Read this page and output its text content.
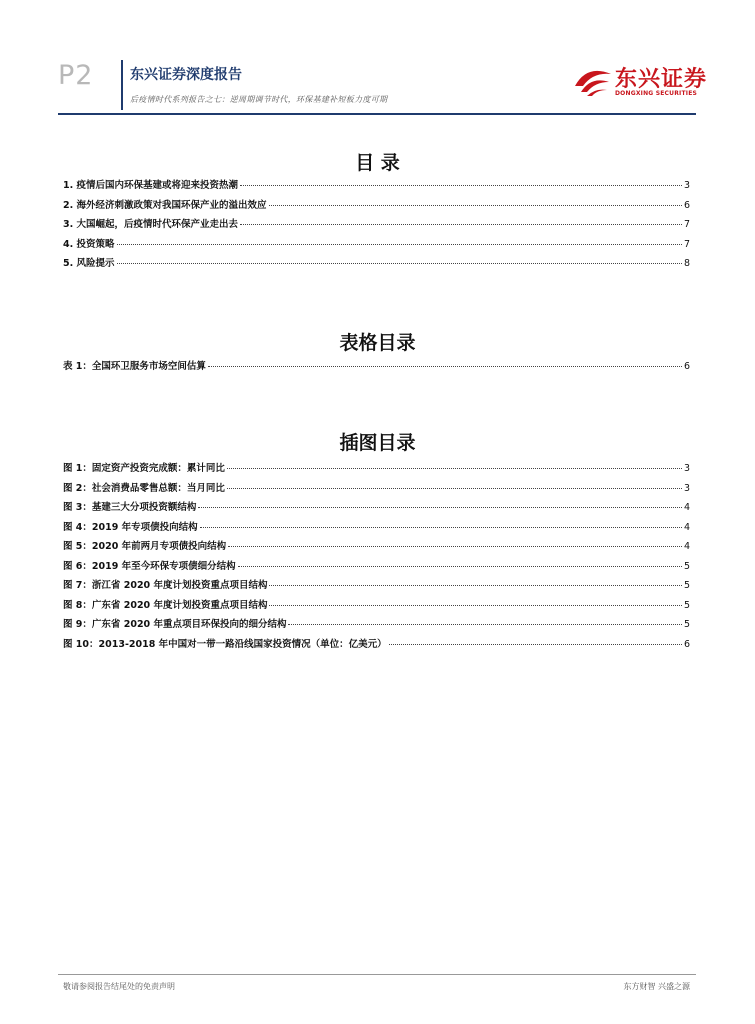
P2	东兴证券深度报告
后疫情时代系列报告之七：逆周期调节时代，环保基建补短板力度可期
东兴证券
DONGXING SECURITIES
目 录
1. 疫情后国内环保基建或将迎来投资热潮	3
2. 海外经济刺激政策对我国环保产业的溢出效应	6
3. 大国崛起，后疫情时代环保产业走出去	7
4. 投资策略	7
5. 风险提示	8
表格目录
表 1：全国环卫服务市场空间估算	6
插图目录
图 1：固定资产投资完成额：累计同比	3
图 2：社会消费品零售总额：当月同比	3
图 3：基建三大分项投资额结构	4
图 4：2019 年专项债投向结构	4
图 5：2020 年前两月专项债投向结构	4
图 6：2019 年至今环保专项债细分结构	5
图 7：浙江省 2020 年度计划投资重点项目结构	5
图 8：广东省 2020 年度计划投资重点项目结构	5
图 9：广东省 2020 年重点项目环保投向的细分结构	5
图 10：2013-2018 年中国对一带一路沿线国家投资情况（单位：亿美元）	6
敬请参阅报告结尾处的免责声明	东方财智 兴盛之源
